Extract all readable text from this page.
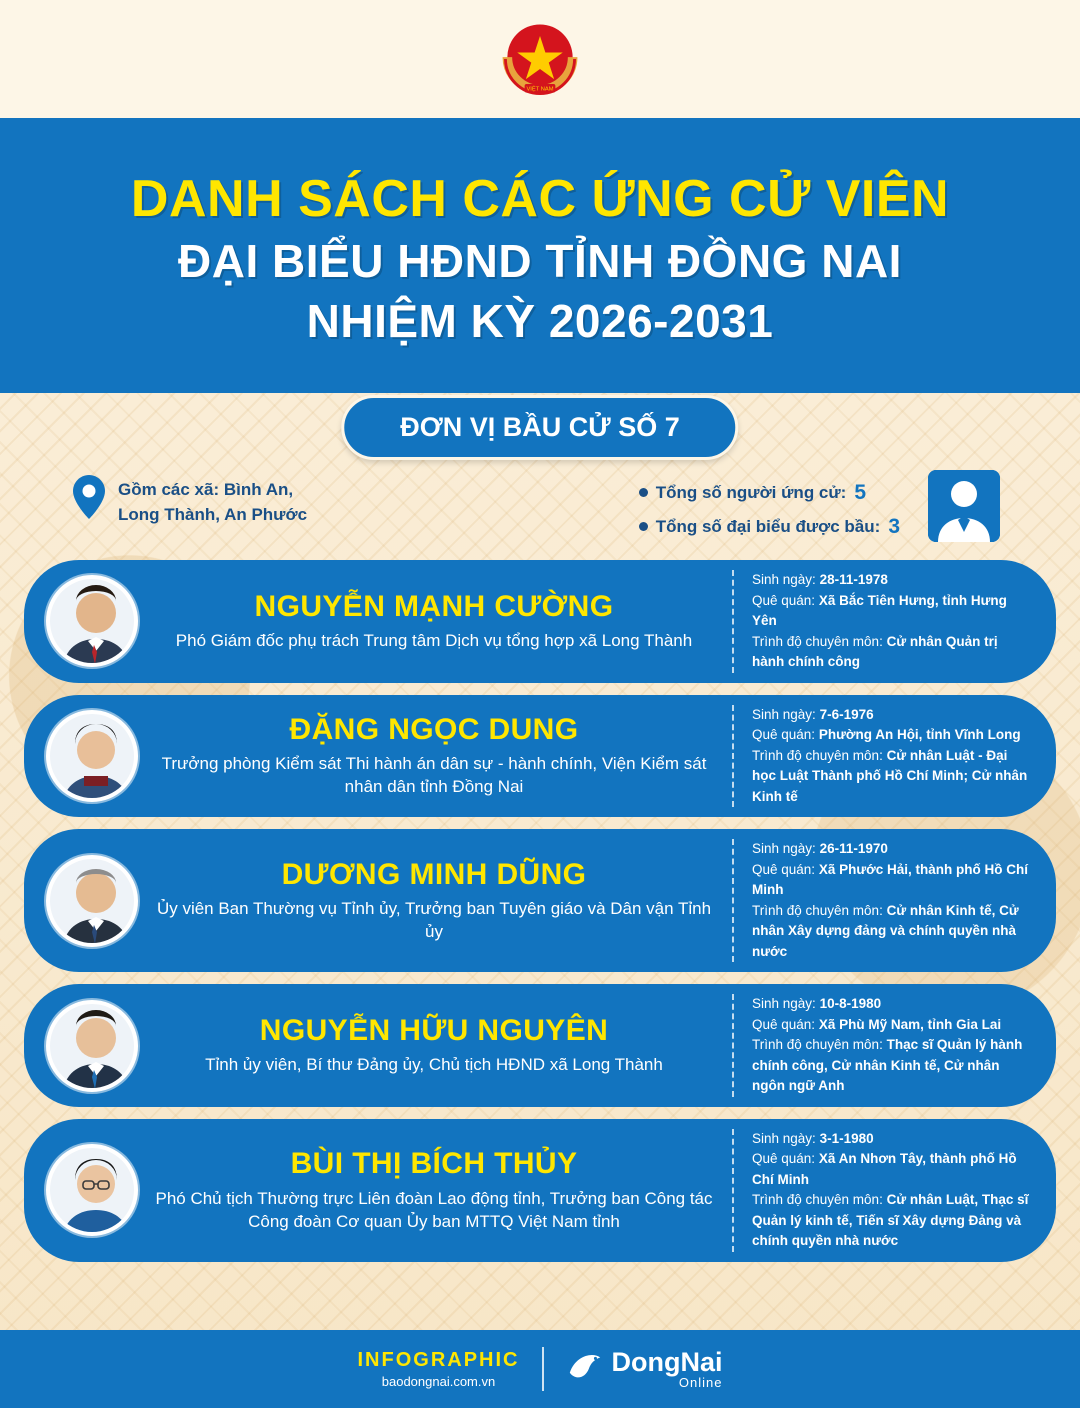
VIỆT NAM
DANH SÁCH CÁC ỨNG CỬ VIÊN
ĐẠI BIỂU HĐND TỈNH ĐỒNG NAI
NHIỆM KỲ 2026-2031
ĐƠN VỊ BẦU CỬ SỐ 7
Gồm các xã: Bình An,
Long Thành, An Phước
Tổng số người ứng cử: 5
Tổng số đại biểu được bầu: 3
NGUYỄN MẠNH CƯỜNG
Phó Giám đốc phụ trách Trung tâm Dịch vụ tổng hợp xã Long Thành
Sinh ngày: 28-11-1978
Quê quán: Xã Bắc Tiên Hưng, tỉnh Hưng Yên
Trình độ chuyên môn: Cử nhân Quản trị hành chính công
ĐẶNG NGỌC DUNG
Trưởng phòng Kiểm sát Thi hành án dân sự - hành chính, Viện Kiểm sát nhân dân tỉnh Đồng Nai
Sinh ngày: 7-6-1976
Quê quán: Phường An Hội, tỉnh Vĩnh Long
Trình độ chuyên môn: Cử nhân Luật - Đại học Luật Thành phố Hồ Chí Minh; Cử nhân Kinh tế
DƯƠNG MINH DŨNG
Ủy viên Ban Thường vụ Tỉnh ủy, Trưởng ban Tuyên giáo và Dân vận Tỉnh ủy
Sinh ngày: 26-11-1970
Quê quán: Xã Phước Hải, thành phố Hồ Chí Minh
Trình độ chuyên môn: Cử nhân Kinh tế, Cử nhân Xây dựng đảng và chính quyền nhà nước
NGUYỄN HỮU NGUYÊN
Tỉnh ủy viên, Bí thư Đảng ủy, Chủ tịch HĐND xã Long Thành
Sinh ngày: 10-8-1980
Quê quán: Xã Phù Mỹ Nam, tỉnh Gia Lai
Trình độ chuyên môn: Thạc sĩ Quản lý hành chính công, Cử nhân Kinh tế, Cử nhân ngôn ngữ Anh
BÙI THỊ BÍCH THỦY
Phó Chủ tịch Thường trực Liên đoàn Lao động tỉnh, Trưởng ban Công tác Công đoàn Cơ quan Ủy ban MTTQ Việt Nam tỉnh
Sinh ngày: 3-1-1980
Quê quán: Xã An Nhơn Tây, thành phố Hồ Chí Minh
Trình độ chuyên môn: Cử nhân Luật, Thạc sĩ Quản lý kinh tế, Tiến sĩ Xây dựng Đảng và chính quyền nhà nước
INFOGRAPHIC
baodongnai.com.vn
DongNai
Online
